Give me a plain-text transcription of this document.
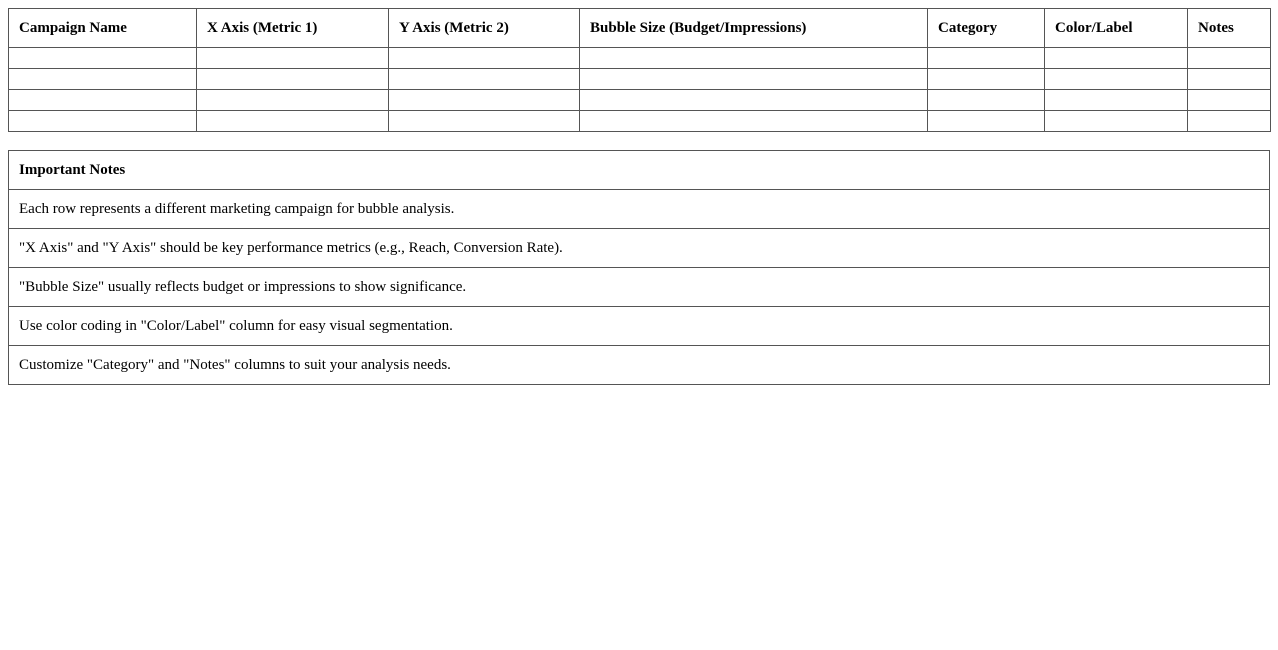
Campaign Name	X Axis (Metric 1)	Y Axis (Metric 2)	Bubble Size (Budget/Impressions)	Category	Color/Label	Notes

Important Notes
Each row represents a different marketing campaign for bubble analysis.
"X Axis" and "Y Axis" should be key performance metrics (e.g., Reach, Conversion Rate).
"Bubble Size" usually reflects budget or impressions to show significance.
Use color coding in "Color/Label" column for easy visual segmentation.
Customize "Category" and "Notes" columns to suit your analysis needs.
